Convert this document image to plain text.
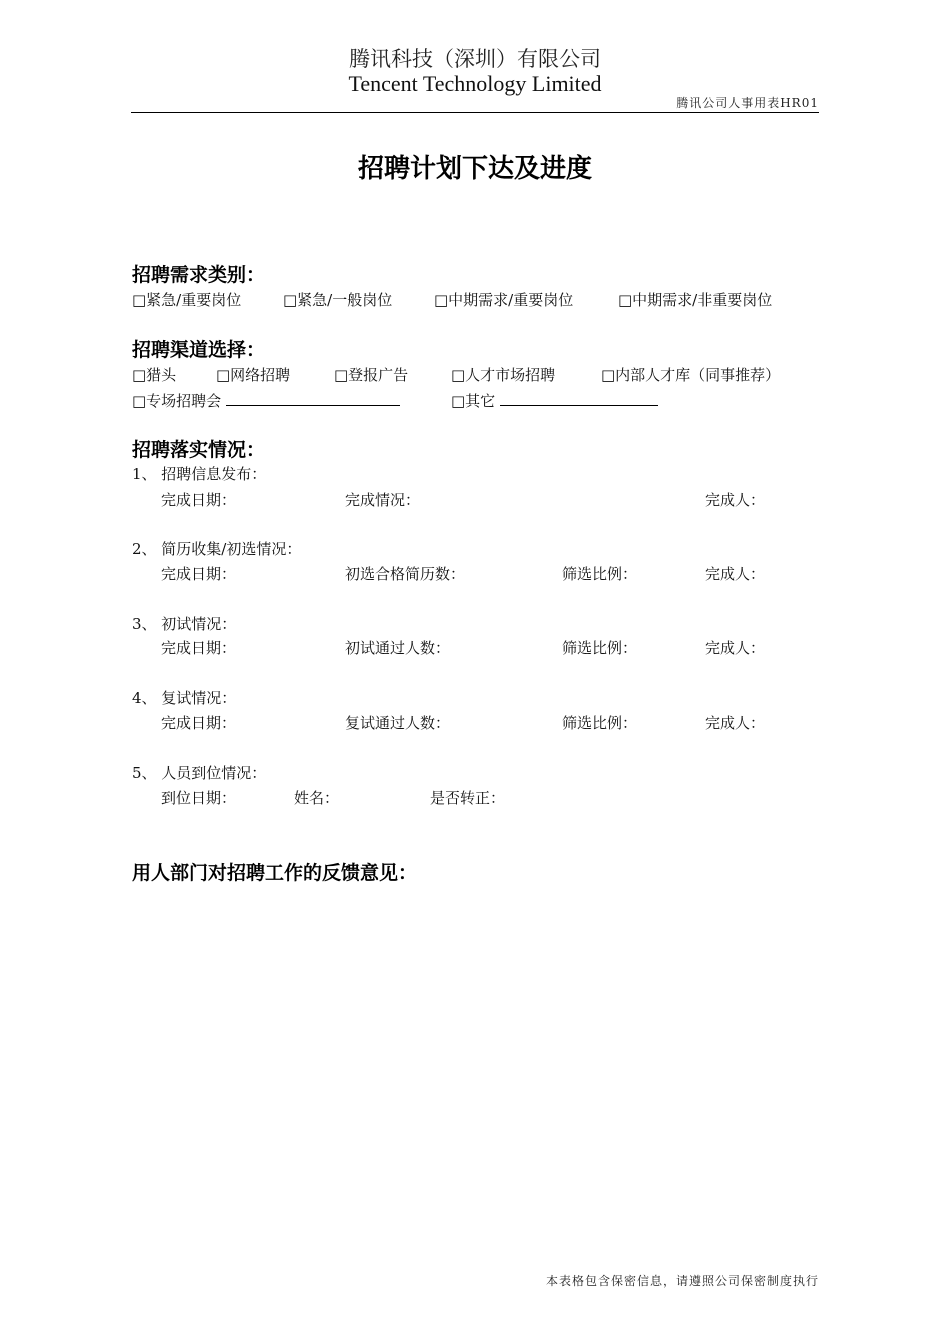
腾讯科技（深圳）有限公司
Tencent Technology Limited
腾讯公司人事用表HR01
招聘计划下达及进度
招聘需求类别：
□紧急/重要岗位	□紧急/一般岗位	□中期需求/重要岗位	□中期需求/非重要岗位
招聘渠道选择：
□猎头	□网络招聘	□登报广告	□人才市场招聘	□内部人才库（同事推荐）
□专场招聘会	□其它
招聘落实情况：
1、 招聘信息发布：
完成日期：	完成情况：	完成人：
2、 简历收集/初选情况：
完成日期：	初选合格简历数：	筛选比例：	完成人：
3、 初试情况：
完成日期：	初试通过人数：	筛选比例：	完成人：
4、 复试情况：
完成日期：	复试通过人数：	筛选比例：	完成人：
5、 人员到位情况：
到位日期：	姓名：	是否转正：
用人部门对招聘工作的反馈意见：
本表格包含保密信息，请遵照公司保密制度执行
